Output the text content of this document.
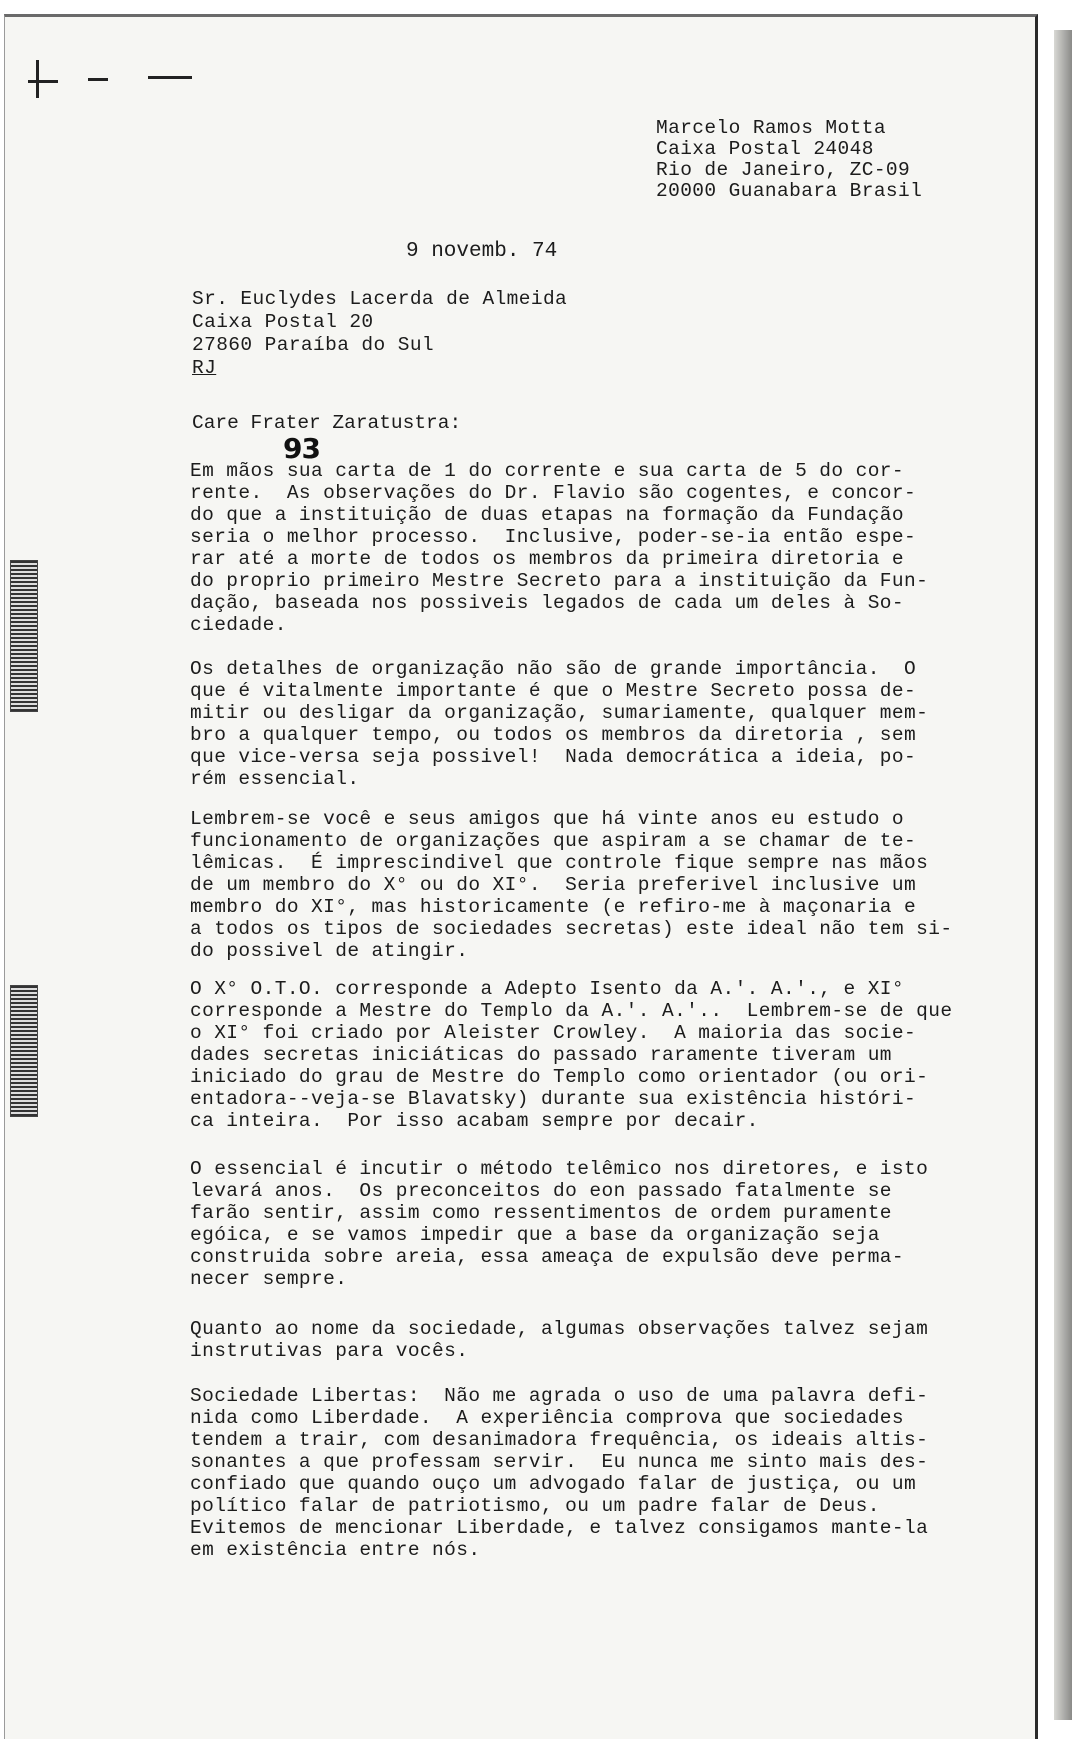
Marcelo Ramos Motta
Caixa Postal 24048
Rio de Janeiro, ZC-09
20000 Guanabara Brasil
9 novemb. 74
Sr. Euclydes Lacerda de Almeida
Caixa Postal 20
27860 Paraíba do Sul
RJ
Care Frater Zaratustra:
93
Em mãos sua carta de 1 do corrente e sua carta de 5 do cor-
rente.  As observações do Dr. Flavio são cogentes, e concor-
do que a instituição de duas etapas na formação da Fundação
seria o melhor processo.  Inclusive, poder-se-ia então espe-
rar até a morte de todos os membros da primeira diretoria e
do proprio primeiro Mestre Secreto para a instituição da Fun-
dação, baseada nos possiveis legados de cada um deles à So-
ciedade.
Os detalhes de organização não são de grande importância.  O
que é vitalmente importante é que o Mestre Secreto possa de-
mitir ou desligar da organização, sumariamente, qualquer mem-
bro a qualquer tempo, ou todos os membros da diretoria , sem
que vice-versa seja possivel!  Nada democrática a ideia, po-
rém essencial.
Lembrem-se você e seus amigos que há vinte anos eu estudo o
funcionamento de organizações que aspiram a se chamar de te-
lêmicas.  É imprescindivel que controle fique sempre nas mãos
de um membro do X° ou do XI°.  Seria preferivel inclusive um
membro do XI°, mas historicamente (e refiro-me à maçonaria e
a todos os tipos de sociedades secretas) este ideal não tem si-
do possivel de atingir.
O X° O.T.O. corresponde a Adepto Isento da A.'. A.'., e XI°
corresponde a Mestre do Templo da A.'. A.'..  Lembrem-se de que
o XI° foi criado por Aleister Crowley.  A maioria das socie-
dades secretas iniciáticas do passado raramente tiveram um
iniciado do grau de Mestre do Templo como orientador (ou ori-
entadora--veja-se Blavatsky) durante sua existência históri-
ca inteira.  Por isso acabam sempre por decair.
O essencial é incutir o método telêmico nos diretores, e isto
levará anos.  Os preconceitos do eon passado fatalmente se
farão sentir, assim como ressentimentos de ordem puramente
egóica, e se vamos impedir que a base da organização seja
construida sobre areia, essa ameaça de expulsão deve perma-
necer sempre.
Quanto ao nome da sociedade, algumas observações talvez sejam
instrutivas para vocês.
Sociedade Libertas:  Não me agrada o uso de uma palavra defi-
nida como Liberdade.  A experiência comprova que sociedades
tendem a trair, com desanimadora frequência, os ideais altis-
sonantes a que professam servir.  Eu nunca me sinto mais des-
confiado que quando ouço um advogado falar de justiça, ou um
político falar de patriotismo, ou um padre falar de Deus.
Evitemos de mencionar Liberdade, e talvez consigamos mante-la
em existência entre nós.
